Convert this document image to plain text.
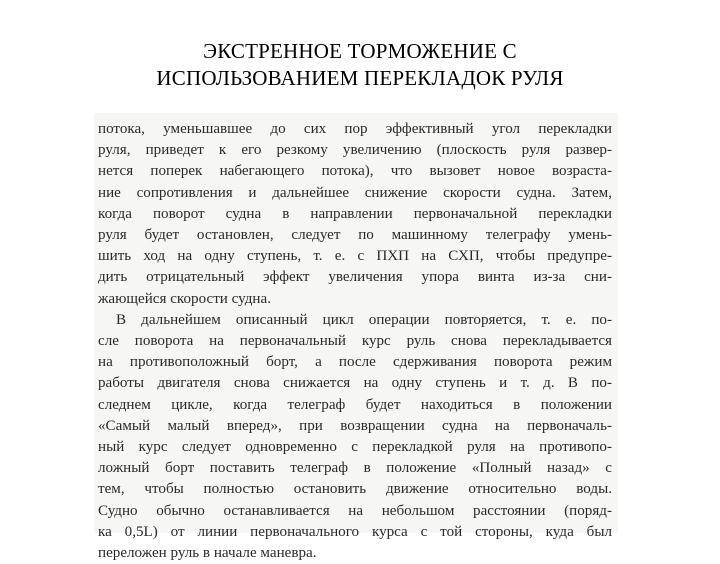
ЭКСТРЕННОЕ ТОРМОЖЕНИЕ С
ИСПОЛЬЗОВАНИЕМ ПЕРЕКЛАДОК РУЛЯ
потока, уменьшавшее до сих пор эффективный угол перекладки
руля, приведет к его резкому увеличению (плоскость руля развер-
нется поперек набегающего потока), что вызовет новое возраста-
ние сопротивления и дальнейшее снижение скорости судна. Затем,
когда поворот судна в направлении первоначальной перекладки
руля будет остановлен, следует по машинному телеграфу умень-
шить ход на одну ступень, т. е. с ПХП на СХП, чтобы предупре-
дить отрицательный эффект увеличения упора винта из-за сни-
жающейся скорости судна.
В дальнейшем описанный цикл операции повторяется, т. е. по-
сле поворота на первоначальный курс руль снова перекладывается
на противоположный борт, а после сдерживания поворота режим
работы двигателя снова снижается на одну ступень и т. д. В по-
следнем цикле, когда телеграф будет находиться в положении
«Самый малый вперед», при возвращении судна на первоначаль-
ный курс следует одновременно с перекладкой руля на противопо-
ложный борт поставить телеграф в положение «Полный назад» с
тем, чтобы полностью остановить движение относительно воды.
Судно обычно останавливается на небольшом расстоянии (поряд-
ка 0,5L) от линии первоначального курса с той стороны, куда был
переложен руль в начале маневра.
